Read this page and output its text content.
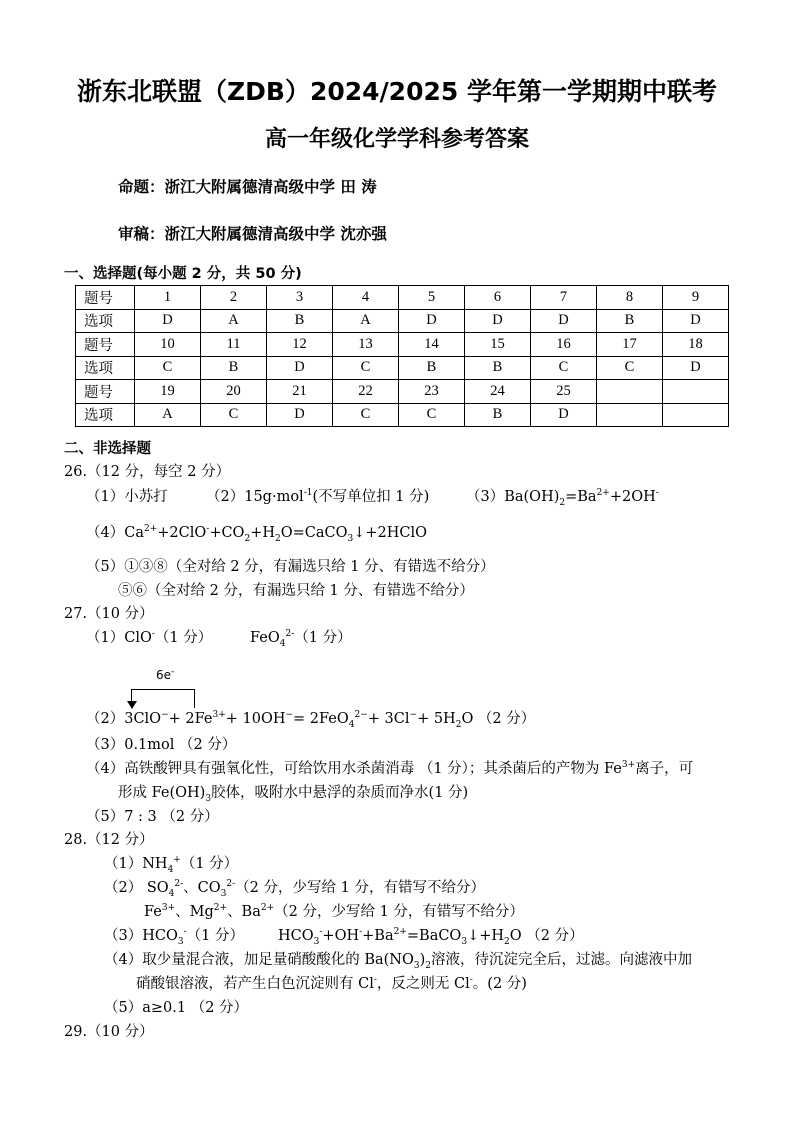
浙东北联盟（ZDB）2024/2025 学年第一学期期中联考
高一年级化学学科参考答案
命题：浙江大附属德清高级中学 田 涛
审稿：浙江大附属德清高级中学 沈亦强
一、选择题(每小题 2 分，共 50 分)
题号	1	2	3	4	5	6	7	8	9
选项	D	A	B	A	D	D	D	B	D
题号	10	11	12	13	14	15	16	17	18
选项	C	B	D	C	B	B	C	C	D
题号	19	20	21	22	23	24	25		
选项	A	C	D	C	C	B	D		
二、非选择题
26.（12 分，每空 2 分）
（1）小苏打	（2）15g·mol$^{-1}$(不写单位扣 1 分)	$(3)Ba(OH)_2=Ba^{2+}+2OH^-$
$(4)Ca^{2+}+2ClO^-+CO_2+H_2O=CaCO_3↓+2HClO$
（5）①③⑧（全对给 2 分，有漏选只给 1 分、有错选不给分）
⑤⑥（全对给 2 分，有漏选只给 1 分、有错选不给分）
27.（10 分）
（1）ClO-（1 分）	FeO$_4^{2-}$（1 分）
6e-
$(2)3ClO^-+ 2Fe^{3+}+ 10OH^-= 2FeO_4^{2-}+ 3Cl^-+ 5H_2O$ （2 分）
（3）0.1mol （2 分）
（4）高铁酸钾具有强氧化性，可给饮用水杀菌消毒 （1 分）；其杀菌后的产物为 $Fe^{3+}$离子，可
形成 $Fe(OH)_3$胶体，吸附水中悬浮的杂质而净水(1 分)
（5）7 : 3 （2 分）
28.（12 分）
$(1)NH_4^+(1$ 分）
（2） $SO_4^{2-}$、$CO_3^{2-}(2$ 分，少写给 1 分，有错写不给分）
$Fe^{3+}$、$Mg^{2+}$、$Ba^{2+}(2$ 分，少写给 1 分，有错写不给分）
$(3)HCO_3^-(1$ 分） $HCO_3^-+OH^-+Ba^{2+}=BaCO_3↓+H_2O$ （2 分）
（4）取少量混合液，加足量硝酸酸化的 $Ba(NO_3)_2$溶液，待沉淀完全后，过滤。向滤液中加
硝酸银溶液，若产生白色沉淀则有 Cl-，反之则无 Cl-。(2 分)
（5）a≥0.1 （2 分）
29.（10 分）
